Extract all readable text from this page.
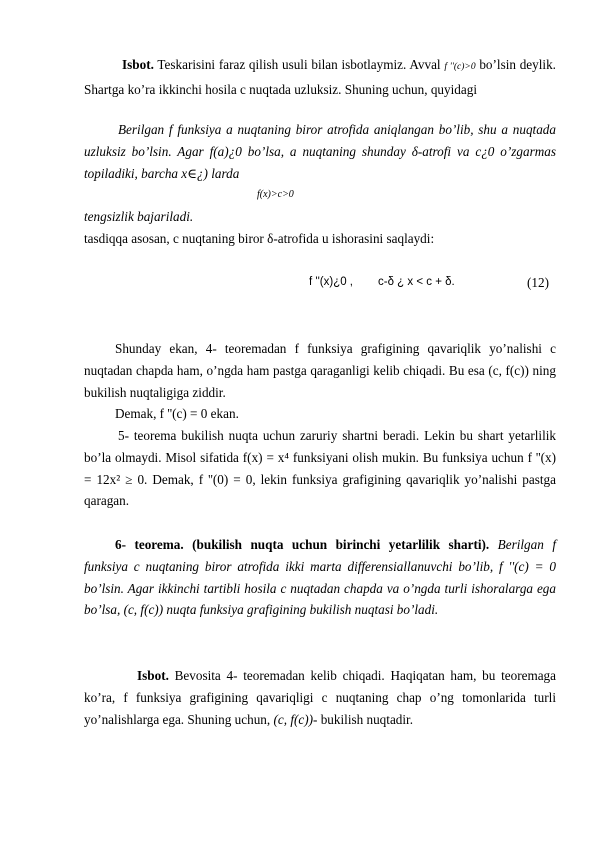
Isbot. Teskarisini faraz qilish usuli bilan isbotlaymiz. Avval f ''(c)>0 bo’lsin deylik. Shartga ko’ra ikkinchi hosila c nuqtada uzluksiz. Shuning uchun, quyidagi
Berilgan f funksiya a nuqtaning biror atrofida aniqlangan bo’lib, shu a nuqtada uzluksiz bo’lsin. Agar f(a)¿0 bo’lsa, a nuqtaning shunday δ-atrofi va c¿0 o’zgarmas topiladiki, barcha x∈¿) larda
f(x)>c>0
tengsizlik bajariladi.
tasdiqqa asosan, c nuqtaning biror δ-atrofida u ishorasini saqlaydi:
f ''(x)¿0 , c-δ ¿ x < c + δ.	(12)
Shunday ekan, 4- teoremadan f funksiya grafigining qavariqlik yo’nalishi c nuqtadan chapda ham, o’ngda ham pastga qaraganligi kelib chiqadi. Bu esa (c, f(c)) ning bukilish nuqtaligiga ziddir.
Demak, f ''(c) = 0 ekan.
5- teorema bukilish nuqta uchun zaruriy shartni beradi. Lekin bu shart yetarlilik bo’la olmaydi. Misol sifatida f(x) = x⁴ funksiyani olish mukin. Bu funksiya uchun f ''(x) = 12x² ≥ 0. Demak, f ''(0) = 0, lekin funksiya grafigining qavariqlik yo’nalishi pastga qaragan.
6- teorema. (bukilish nuqta uchun birinchi yetarlilik sharti). Berilgan f funksiya c nuqtaning biror atrofida ikki marta differensiallanuvchi bo’lib, f ''(c) = 0 bo’lsin. Agar ikkinchi tartibli hosila c nuqtadan chapda va o’ngda turli ishoralarga ega bo’lsa, (c, f(c)) nuqta funksiya grafigining bukilish nuqtasi bo’ladi.
Isbot. Bevosita 4- teoremadan kelib chiqadi. Haqiqatan ham, bu teoremaga ko’ra, f funksiya grafigining qavariqligi c nuqtaning chap o’ng tomonlarida turli yo’nalishlarga ega. Shuning uchun, (c, f(c))- bukilish nuqtadir.
